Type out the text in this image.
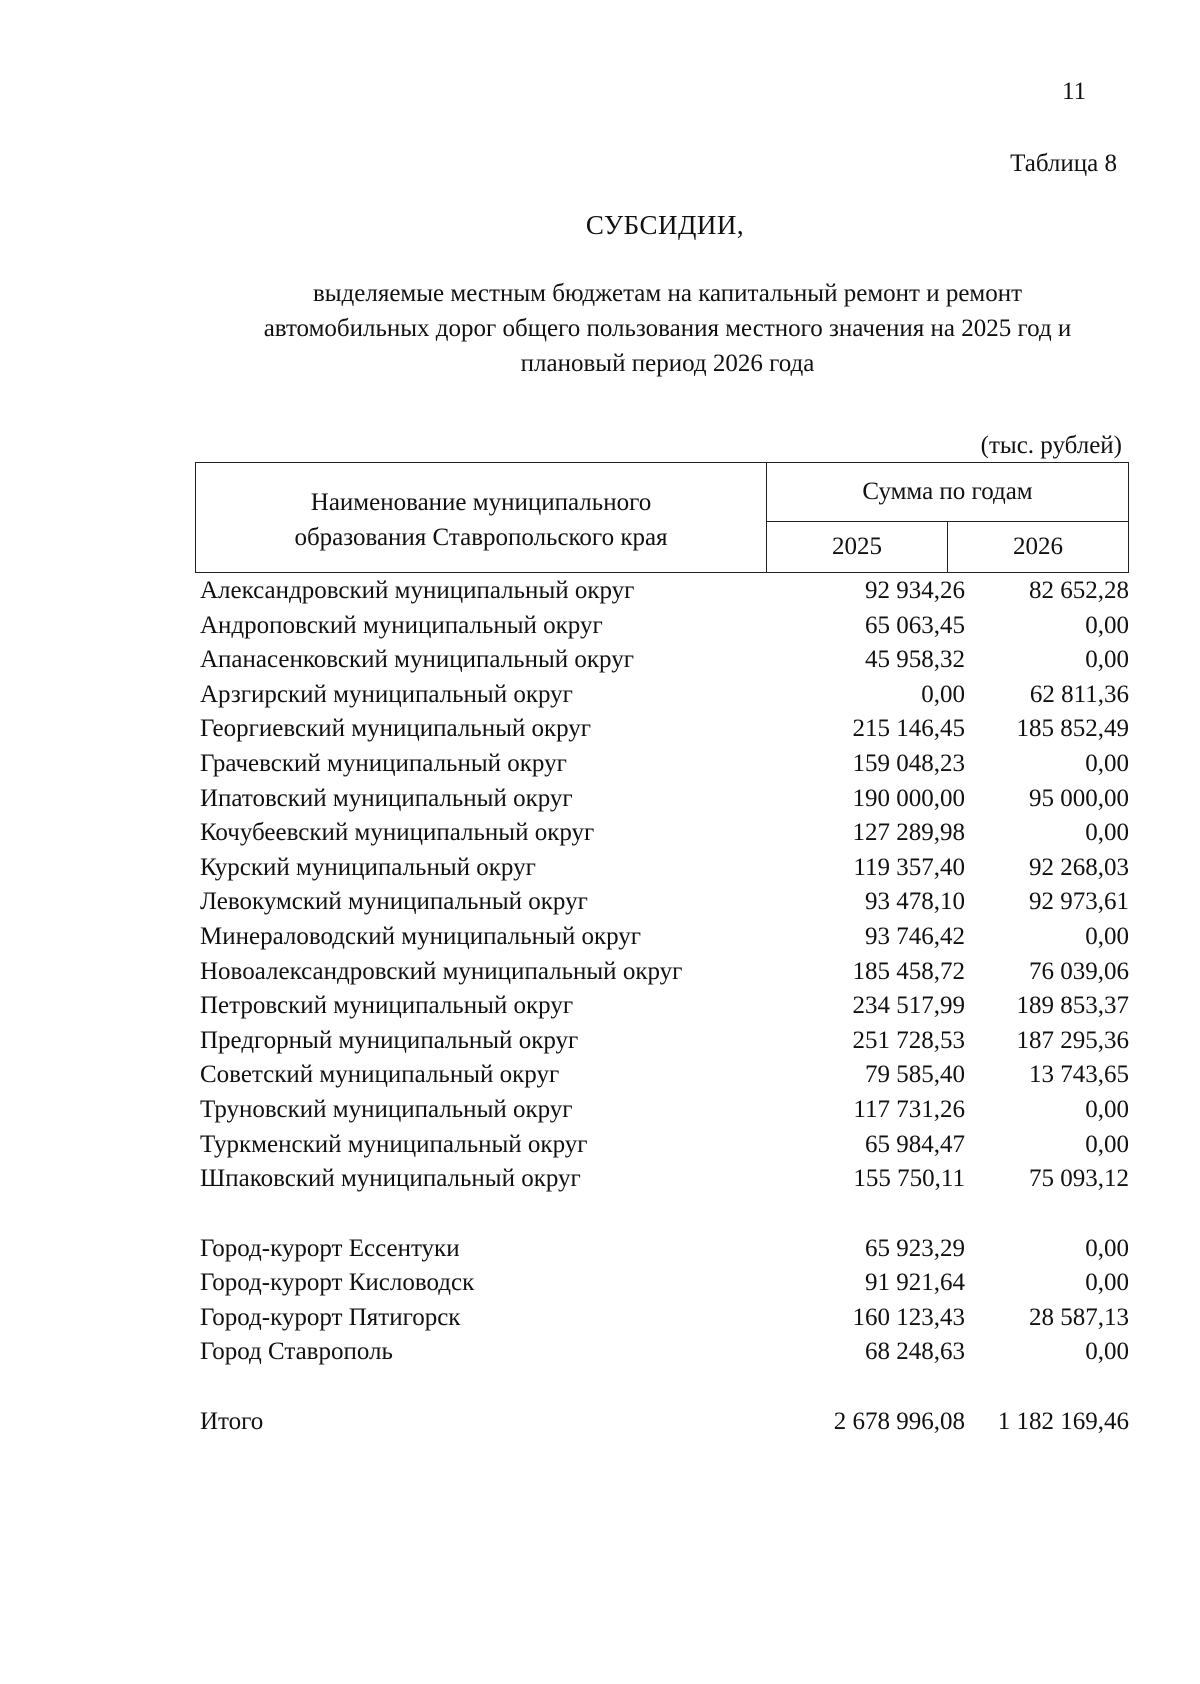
11
Таблица 8
СУБСИДИИ,
выделяемые местным бюджетам на капитальный ремонт и ремонт
автомобильных дорог общего пользования местного значения на 2025 год и
плановый период 2026 года
(тыс. рублей)
Наименование муниципального
образования Ставропольского края	Сумма по годам	
	2025	2026
Александровский муниципальный округ	92 934,26	82 652,28
Андроповский муниципальный округ	65 063,45	0,00
Апанасенковский муниципальный округ	45 958,32	0,00
Арзгирский муниципальный округ	0,00	62 811,36
Георгиевский муниципальный округ	215 146,45	185 852,49
Грачевский муниципальный округ	159 048,23	0,00
Ипатовский муниципальный округ	190 000,00	95 000,00
Кочубеевский муниципальный округ	127 289,98	0,00
Курский муниципальный округ	119 357,40	92 268,03
Левокумский муниципальный округ	93 478,10	92 973,61
Минераловодский муниципальный округ	93 746,42	0,00
Новоалександровский муниципальный округ	185 458,72	76 039,06
Петровский муниципальный округ	234 517,99	189 853,37
Предгорный муниципальный округ	251 728,53	187 295,36
Советский муниципальный округ	79 585,40	13 743,65
Труновский муниципальный округ	117 731,26	0,00
Туркменский муниципальный округ	65 984,47	0,00
Шпаковский муниципальный округ	155 750,11	75 093,12
Город-курорт Ессентуки	65 923,29	0,00
Город-курорт Кисловодск	91 921,64	0,00
Город-курорт Пятигорск	160 123,43	28 587,13
Город Ставрополь	68 248,63	0,00
Итого	2 678 996,08	1 182 169,46
